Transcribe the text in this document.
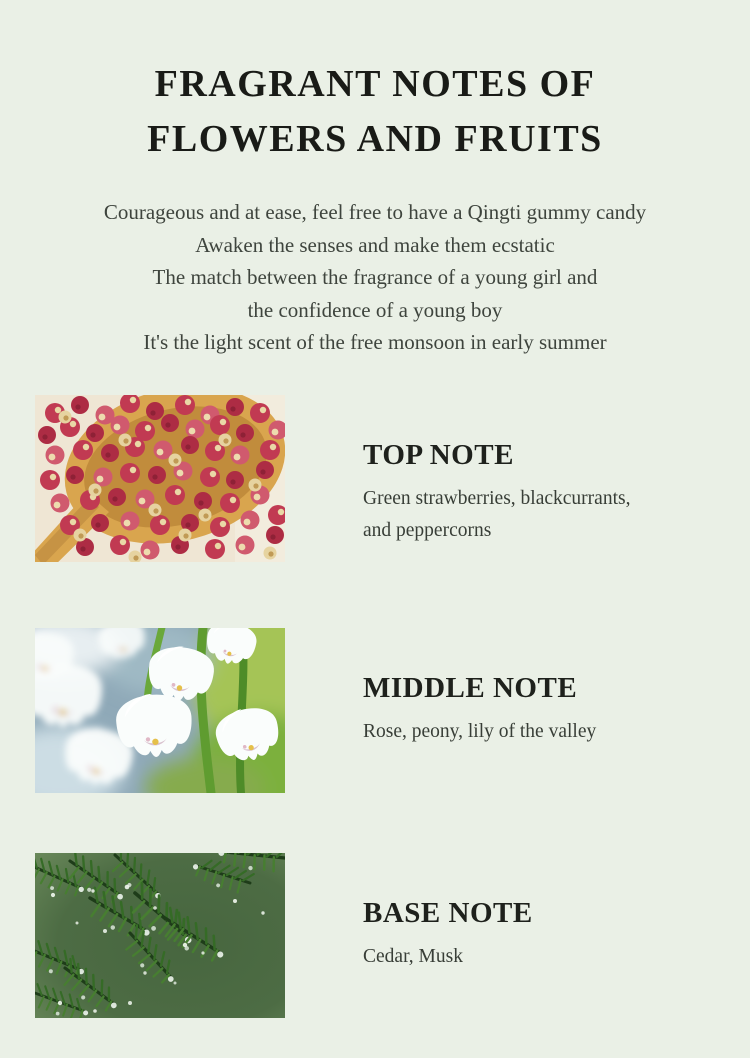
FRAGRANT NOTES OF
FLOWERS AND FRUITS
Courageous and at ease, feel free to have a Qingti gummy candy
Awaken the senses and make them ecstatic
The match between the fragrance of a young girl and
the confidence of a young boy
It's the light scent of the free monsoon in early summer
TOP NOTE
Green strawberries, blackcurrants,
and peppercorns
MIDDLE NOTE
Rose, peony, lily of the valley
BASE NOTE
Cedar, Musk
